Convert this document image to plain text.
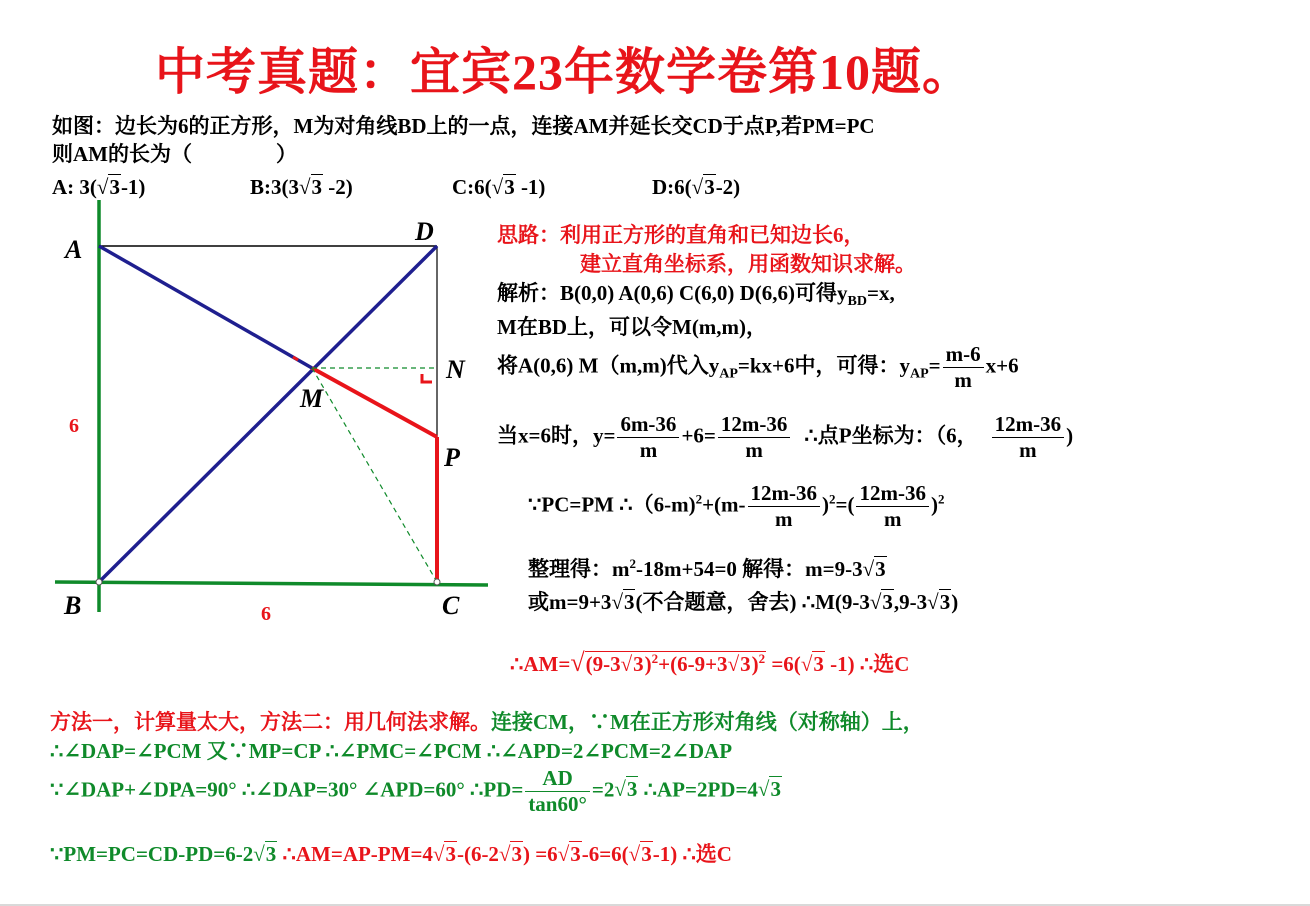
中考真题：宜宾23年数学卷第10题。
如图：边长为6的正方形，M为对角线BD上的一点，连接AM并延长交CD于点P,若PM=PC
则AM的长为（　　　　）
A: 3(√ 3-1)	B:3(3√ 3 -2)	C:6(√ 3 -1)	D:6(√ 3-2)
A
D
N
M
P
B	C
6
6
思路：利用正方形的直角和已知边长6，
建立直角坐标系，用函数知识求解。
解析：B(0,0) A(0,6) C(6,0) D(6,6)可得$y_{BD}=x$,
M在BD上，可以令M(m,m)，
将A(0,6) M（m,m)代入$y_{AP}=kx+6$中，可得：$y_{AP}= \frac{m-6}{m} x+6$
当x=6时，$y= \frac{6m-36}{m} +6= \frac{12m-36}{m}$ ∴点P坐标为：（6， $\frac{12m-36}{m}$ )
∵PC=PM ∴（6-m)$^2$+(m- $\frac{12m-36}{m} )^2=( \frac{12m-36}{m} )^2$
整理得：$m^2-18m+54=0$ 解得：m=9-3√ 3
或m=9+3√ 3(不合题意，舍去) ∴M(9-3√ 3,9-3√ 3)
∴AM=√ (9-3√ 3)$^2$+(6-9+3√ 3)$^2$ =6(√ 3 -1) ∴选C
方法一，计算量太大，方法二：用几何法求解。连接CM，∵M在正方形对角线（对称轴）上，
∴∠DAP=∠PCM 又∵MP=CP ∴∠PMC=∠PCM ∴∠APD=2∠PCM=2∠DAP
∵∠DAP+∠DPA=90° ∴∠DAP=30° ∠APD=60° ∴PD= $\frac{AD}{\tan 60^\circ} =2√$ 3 ∴AP=2PD=4√ 3
∵PM=PC=CD-PD=6-2√ 3 ∴AM=AP-PM=4√ 3-(6-2√ 3) =6√ 3-6=6(√ 3-1) ∴选C
